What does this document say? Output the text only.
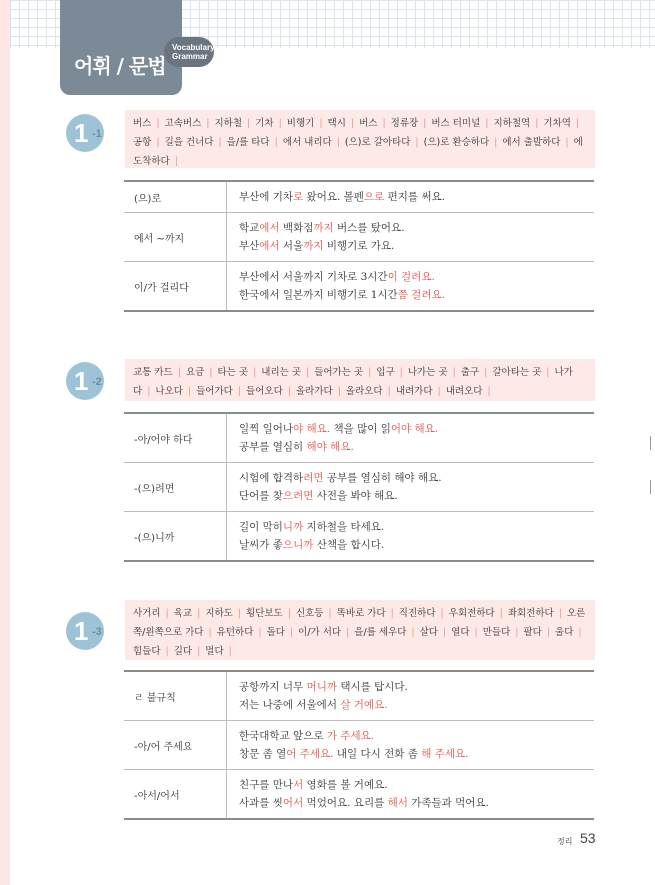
어휘 / 문법
Vocabulary
Grammar
1 -1
버스 | 고속버스 | 지하철 | 기차 | 비행기 | 택시 | 버스 | 정류장 | 버스 터미널 | 지하철역 | 기차역 |공항 | 길을 건너다 | 을/를 타다 | 에서 내리다 | (으)로 갈아타다 | (으)로 환승하다 | 에서 출발하다 | 에 도착하다 |
(으)로	부산에 기차로 왔어요. 볼펜으로 편지를 써요.
에서 ~까지
학교에서 백화점까지 버스를 탔어요.
부산에서 서울까지 비행기로 가요.
이/가 걸리다
부산에서 서울까지 기차로 3시간이 걸려요.
한국에서 일본까지 비행기로 1시간쯤 걸려요.
1 -2
교통 카드 | 요금 | 타는 곳 | 내리는 곳 | 들어가는 곳 | 입구 | 나가는 곳 | 출구 | 갈아타는 곳 | 나가다 | 나오다 | 들어가다 | 들어오다 | 올라가다 | 올라오다 | 내려가다 | 내려오다 |
-아/어야 하다
일찍 일어나야 해요. 책을 많이 읽어야 해요.
공부를 열심히 해야 해요.
-(으)려면
시험에 합격하려면 공부를 열심히 해야 해요.
단어를 찾으려면 사전을 봐야 해요.
-(으)니까
길이 막히니까 지하철을 타세요.
날씨가 좋으니까 산책을 합시다.
1 -3
사거리 | 육교 | 지하도 | 횡단보도 | 신호등 | 똑바로 가다 | 직진하다 | 우회전하다 | 좌회전하다 | 오른쪽/왼쪽으로 가다 | 유턴하다 | 돌다 | 이/가 서다 | 을/를 세우다 | 살다 | 열다 | 만들다 | 팔다 | 울다 |힘들다 | 길다 | 멀다 |
ㄹ 불규칙
공항까지 너무 머니까 택시를 탑시다.
저는 나중에 서울에서 살 거예요.
-아/어 주세요
한국대학교 앞으로 가 주세요.
창문 좀 열어 주세요. 내일 다시 전화 좀 해 주세요.
-아서/어서
친구를 만나서 영화를 볼 거예요.
사과를 씻어서 먹었어요. 요리를 해서 가족들과 먹어요.
정리 53
